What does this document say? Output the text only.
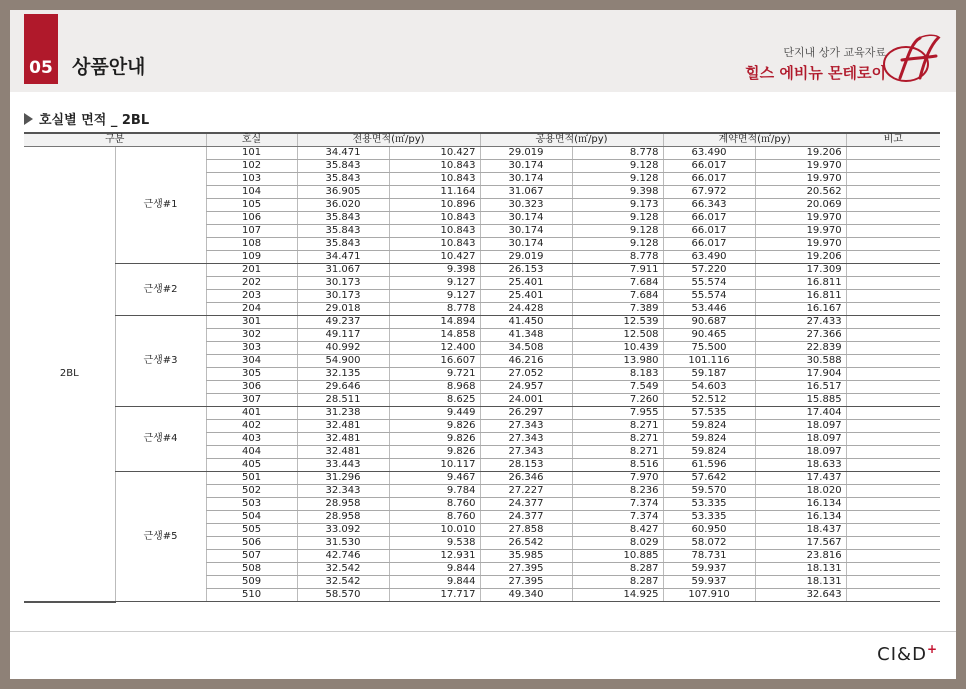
05 상품안내
단지내 상가 교육자료
힐스 에비뉴 몬테로이
호실별 면적 _ 2BL
구분		호실	전용면적(㎡/py)		공용면적(㎡/py)		계약면적(㎡/py)		비고
2BL	근생#1	101	34.471	10.427	29.019	8.778	63.490	19.206	
		102	35.843	10.843	30.174	9.128	66.017	19.970	
		103	35.843	10.843	30.174	9.128	66.017	19.970	
		104	36.905	11.164	31.067	9.398	67.972	20.562	
		105	36.020	10.896	30.323	9.173	66.343	20.069	
		106	35.843	10.843	30.174	9.128	66.017	19.970	
		107	35.843	10.843	30.174	9.128	66.017	19.970	
		108	35.843	10.843	30.174	9.128	66.017	19.970	
		109	34.471	10.427	29.019	8.778	63.490	19.206	
	근생#2	201	31.067	9.398	26.153	7.911	57.220	17.309	
		202	30.173	9.127	25.401	7.684	55.574	16.811	
		203	30.173	9.127	25.401	7.684	55.574	16.811	
		204	29.018	8.778	24.428	7.389	53.446	16.167	
	근생#3	301	49.237	14.894	41.450	12.539	90.687	27.433	
		302	49.117	14.858	41.348	12.508	90.465	27.366	
		303	40.992	12.400	34.508	10.439	75.500	22.839	
		304	54.900	16.607	46.216	13.980	101.116	30.588	
		305	32.135	9.721	27.052	8.183	59.187	17.904	
		306	29.646	8.968	24.957	7.549	54.603	16.517	
		307	28.511	8.625	24.001	7.260	52.512	15.885	
	근생#4	401	31.238	9.449	26.297	7.955	57.535	17.404	
		402	32.481	9.826	27.343	8.271	59.824	18.097	
		403	32.481	9.826	27.343	8.271	59.824	18.097	
		404	32.481	9.826	27.343	8.271	59.824	18.097	
		405	33.443	10.117	28.153	8.516	61.596	18.633	
	근생#5	501	31.296	9.467	26.346	7.970	57.642	17.437	
		502	32.343	9.784	27.227	8.236	59.570	18.020	
		503	28.958	8.760	24.377	7.374	53.335	16.134	
		504	28.958	8.760	24.377	7.374	53.335	16.134	
		505	33.092	10.010	27.858	8.427	60.950	18.437	
		506	31.530	9.538	26.542	8.029	58.072	17.567	
		507	42.746	12.931	35.985	10.885	78.731	23.816	
		508	32.542	9.844	27.395	8.287	59.937	18.131	
		509	32.542	9.844	27.395	8.287	59.937	18.131	
		510	58.570	17.717	49.340	14.925	107.910	32.643	
CI&D+
